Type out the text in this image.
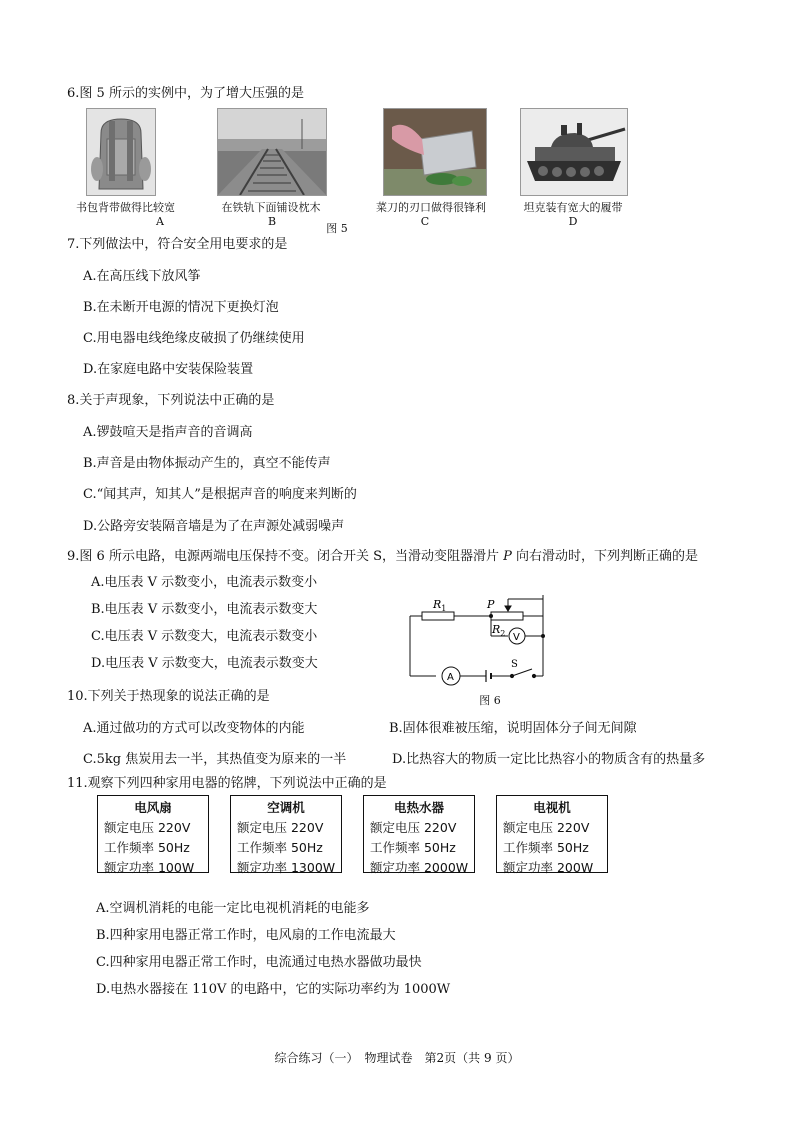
6.图 5 所示的实例中，为了增大压强的是
书包背带做得比较宽
A
在铁轨下面铺设枕木
B
图 5
菜刀的刃口做得很锋利
C
坦克装有宽大的履带
D
7.下列做法中，符合安全用电要求的是
A.在高压线下放风筝
B.在未断开电源的情况下更换灯泡
C.用电器电线绝缘皮破损了仍继续使用
D.在家庭电路中安装保险装置
8.关于声现象，下列说法中正确的是
A.锣鼓喧天是指声音的音调高
B.声音是由物体振动产生的，真空不能传声
C.“闻其声，知其人”是根据声音的响度来判断的
D.公路旁安装隔音墙是为了在声源处减弱噪声
9.图 6 所示电路，电源两端电压保持不变。闭合开关 S，当滑动变阻器滑片 P 向右滑动时，下列判断正确的是
A.电压表 V 示数变小，电流表示数变小
B.电压表 V 示数变小，电流表示数变大
C.电压表 V 示数变大，电流表示数变小
D.电压表 V 示数变大，电流表示数变大
$R_1$	P
$R_2$ V
A
S
图 6
10.下列关于热现象的说法正确的是
A.通过做功的方式可以改变物体的内能	B.固体很难被压缩，说明固体分子间无间隙
C.5kg 焦炭用去一半，其热值变为原来的一半	D.比热容大的物质一定比比热容小的物质含有的热量多
11.观察下列四种家用电器的铭牌，下列说法中正确的是
电风扇
额定电压 220V
工作频率 50Hz
额定功率 100W
空调机
额定电压 220V
工作频率 50Hz
额定功率 1300W
电热水器
额定电压 220V
工作频率 50Hz
额定功率 2000W
电视机
额定电压 220V
工作频率 50Hz
额定功率 200W
A.空调机消耗的电能一定比电视机消耗的电能多
B.四种家用电器正常工作时，电风扇的工作电流最大
C.四种家用电器正常工作时，电流通过电热水器做功最快
D.电热水器接在 110V 的电路中，它的实际功率约为 1000W
综合练习（一）　物理试卷　第2页（共 9 页）
